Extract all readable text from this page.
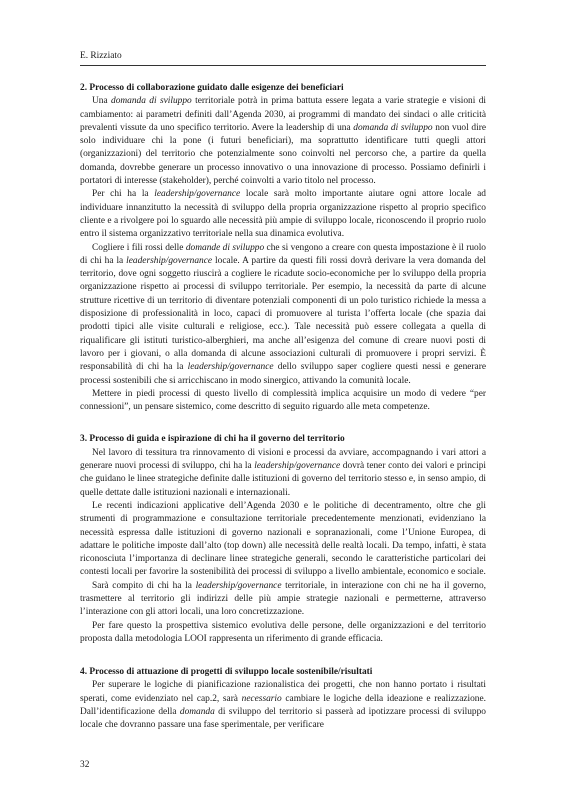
E. Rizziato
2. Processo di collaborazione guidato dalle esigenze dei beneficiari

Una domanda di sviluppo territoriale potrà in prima battuta essere legata a varie strategie e visioni di cambiamento: ai parametri definiti dall’Agenda 2030, ai programmi di mandato dei sindaci o alle criticità prevalenti vissute da uno specifico territorio. Avere la leadership di una domanda di sviluppo non vuol dire solo individuare chi la pone (i futuri beneficiari), ma soprattutto identificare tutti quegli attori (organizzazioni) del territorio che potenzialmente sono coinvolti nel percorso che, a partire da quella domanda, dovrebbe generare un processo innovativo o una innovazione di processo. Possiamo definirli i portatori di interesse (stakeholder), perché coinvolti a vario titolo nel processo.

Per chi ha la leadership/governance locale sarà molto importante aiutare ogni attore locale ad individuare innanzitutto la necessità di sviluppo della propria organizzazione rispetto al proprio specifico cliente e a rivolgere poi lo sguardo alle necessità più ampie di sviluppo locale, riconoscendo il proprio ruolo entro il sistema organizzativo territoriale nella sua dinamica evolutiva.

Cogliere i fili rossi delle domande di sviluppo che si vengono a creare con questa impostazione è il ruolo di chi ha la leadership/governance locale. A partire da questi fili rossi dovrà derivare la vera domanda del territorio, dove ogni soggetto riuscirà a cogliere le ricadute socio-economiche per lo sviluppo della propria organizzazione rispetto ai processi di sviluppo territoriale. Per esempio, la necessità da parte di alcune strutture ricettive di un territorio di diventare potenziali componenti di un polo turistico richiede la messa a disposizione di professionalità in loco, capaci di promuovere al turista l’offerta locale (che spazia dai prodotti tipici alle visite culturali e religiose, ecc.). Tale necessità può essere collegata a quella di riqualificare gli istituti turistico-alberghieri, ma anche all’esigenza del comune di creare nuovi posti di lavoro per i giovani, o alla domanda di alcune associazioni culturali di promuovere i propri servizi. È responsabilità di chi ha la leadership/governance dello sviluppo saper cogliere questi nessi e generare processi sostenibili che si arricchiscano in modo sinergico, attivando la comunità locale.

Mettere in piedi processi di questo livello di complessità implica acquisire un modo di vedere “per connessioni”, un pensare sistemico, come descritto di seguito riguardo alle meta competenze.

3. Processo di guida e ispirazione di chi ha il governo del territorio

Nel lavoro di tessitura tra rinnovamento di visioni e processi da avviare, accompagnando i vari attori a generare nuovi processi di sviluppo, chi ha la leadership/governance dovrà tener conto dei valori e principi che guidano le linee strategiche definite dalle istituzioni di governo del territorio stesso e, in senso ampio, di quelle dettate dalle istituzioni nazionali e internazionali.

Le recenti indicazioni applicative dell’Agenda 2030 e le politiche di decentramento, oltre che gli strumenti di programmazione e consultazione territoriale precedentemente menzionati, evidenziano la necessità espressa dalle istituzioni di governo nazionali e sopranazionali, come l’Unione Europea, di adattare le politiche imposte dall’alto (top down) alle necessità delle realtà locali. Da tempo, infatti, è stata riconosciuta l’importanza di declinare linee strategiche generali, secondo le caratteristiche particolari dei contesti locali per favorire la sostenibilità dei processi di sviluppo a livello ambientale, economico e sociale.

Sarà compito di chi ha la leadership/governance territoriale, in interazione con chi ne ha il governo, trasmettere al territorio gli indirizzi delle più ampie strategie nazionali e permetterne, attraverso l’interazione con gli attori locali, una loro concretizzazione.

Per fare questo la prospettiva sistemico evolutiva delle persone, delle organizzazioni e del territorio proposta dalla metodologia LOOI rappresenta un riferimento di grande efficacia.

4. Processo di attuazione di progetti di sviluppo locale sostenibile/risultati

Per superare le logiche di pianificazione razionalistica dei progetti, che non hanno portato i risultati sperati, come evidenziato nel cap.2, sarà necessario cambiare le logiche della ideazione e realizzazione. Dall’identificazione della domanda di sviluppo del territorio si passerà ad ipotizzare processi di sviluppo locale che dovranno passare una fase sperimentale, per verificare

32
